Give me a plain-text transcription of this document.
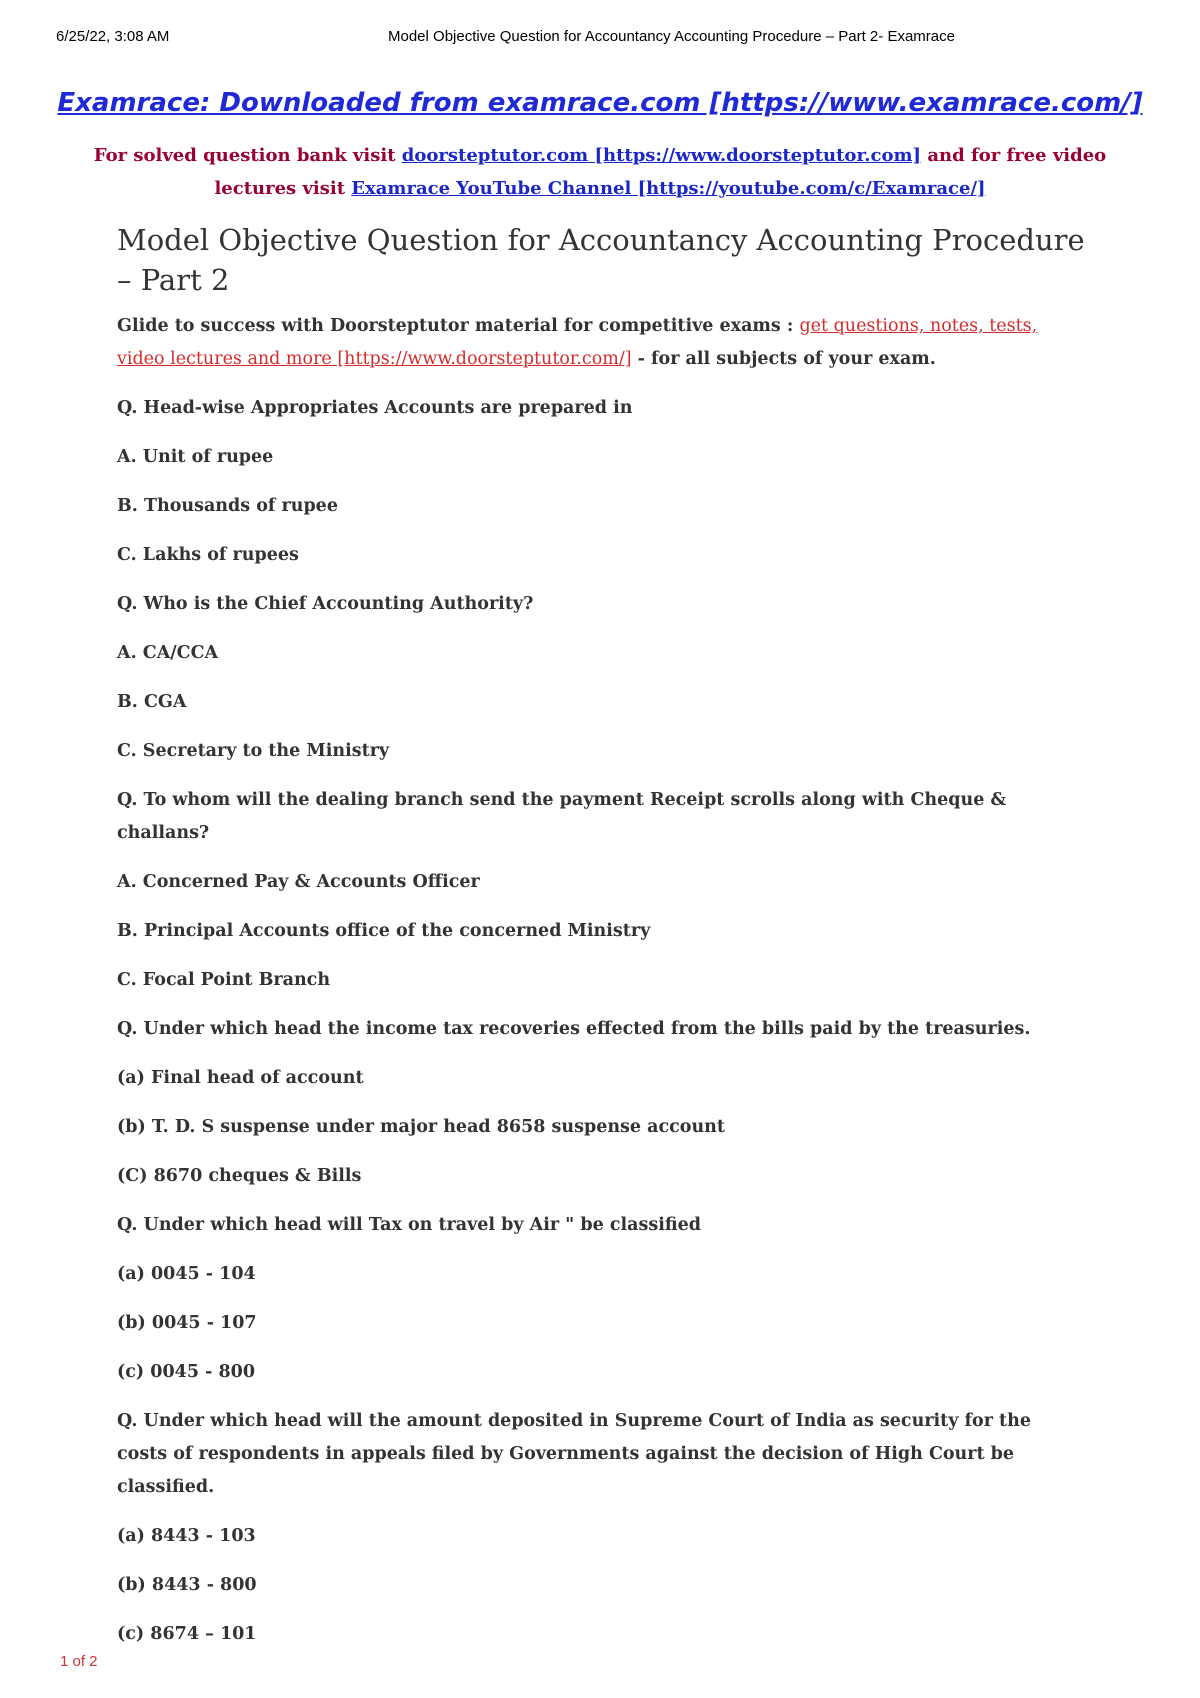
6/25/22, 3:08 AM	Model Objective Question for Accountancy Accounting Procedure – Part 2- Examrace
Examrace: Downloaded from examrace.com [https://www.examrace.com/]
For solved question bank visit doorsteptutor.com [https://www.doorsteptutor.com] and for free video lectures visit Examrace YouTube Channel [https://youtube.com/c/Examrace/]
Model Objective Question for Accountancy Accounting Procedure – Part 2

Glide to success with Doorsteptutor material for competitive exams : get questions, notes, tests, video lectures and more [https://www.doorsteptutor.com/] - for all subjects of your exam.

Q. Head-wise Appropriates Accounts are prepared in
A. Unit of rupee
B. Thousands of rupee
C. Lakhs of rupees
Q. Who is the Chief Accounting Authority?
A. CA/CCA
B. CGA
C. Secretary to the Ministry
Q. To whom will the dealing branch send the payment Receipt scrolls along with Cheque & challans?
A. Concerned Pay & Accounts Officer
B. Principal Accounts office of the concerned Ministry
C. Focal Point Branch
Q. Under which head the income tax recoveries effected from the bills paid by the treasuries.
(a) Final head of account
(b) T. D. S suspense under major head 8658 suspense account
(C) 8670 cheques & Bills
Q. Under which head will Tax on travel by Air " be classified
(a) 0045 - 104
(b) 0045 - 107
(c) 0045 - 800
Q. Under which head will the amount deposited in Supreme Court of India as security for the costs of respondents in appeals filed by Governments against the decision of High Court be classified.
(a) 8443 - 103
(b) 8443 - 800
(c) 8674 – 101
1 of 2
